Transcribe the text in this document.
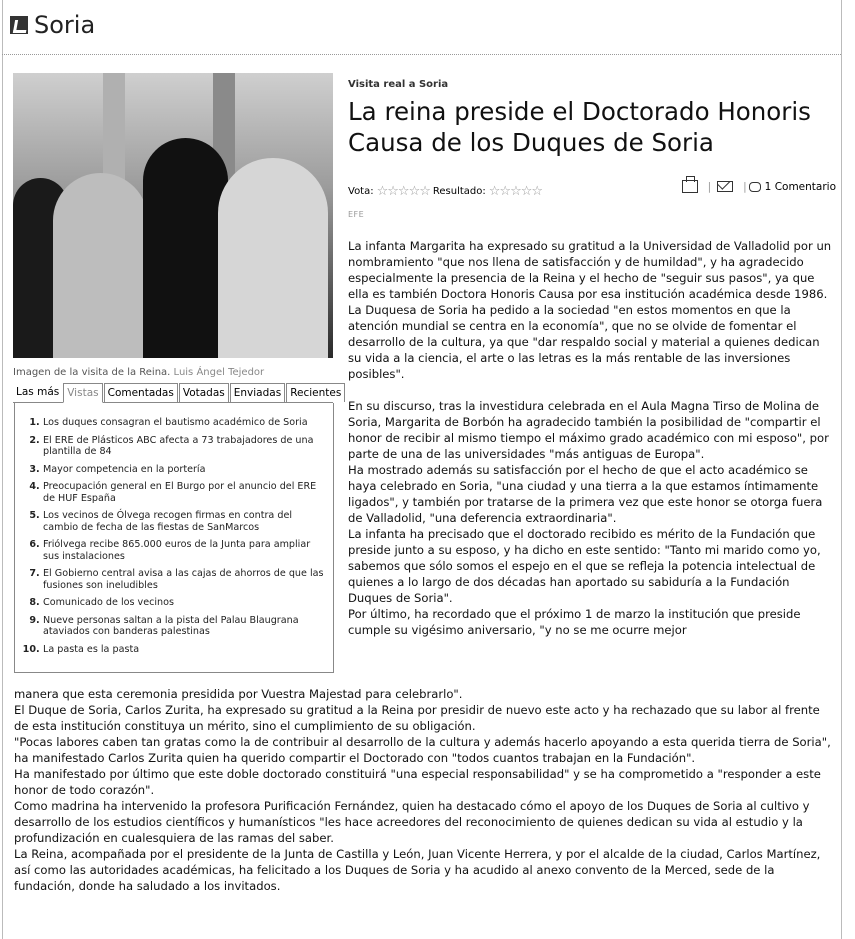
Soria
Imagen de la visita de la Reina. Luis Ángel Tejedor
Las más Vistas Comentadas Votadas Enviadas Recientes
1. Los duques consagran el bautismo académico de Soria
2. El ERE de Plásticos ABC afecta a 73 trabajadores de una plantilla de 84
3. Mayor competencia en la portería
4. Preocupación general en El Burgo por el anuncio del ERE de HUF España
5. Los vecinos de Ólvega recogen firmas en contra del cambio de fecha de las fiestas de SanMarcos
6. Friólvega recibe 865.000 euros de la Junta para ampliar sus instalaciones
7. El Gobierno central avisa a las cajas de ahorros de que las fusiones son ineludibles
8. Comunicado de los vecinos
9. Nueve personas saltan a la pista del Palau Blaugrana ataviados con banderas palestinas
10. La pasta es la pasta
Visita real a Soria
La reina preside el Doctorado Honoris Causa de los Duques de Soria
Vota: ☆☆☆☆☆ Resultado: ☆☆☆☆☆	|	| 1 Comentario
EFE

La infanta Margarita ha expresado su gratitud a la Universidad de Valladolid por un nombramiento "que nos llena de satisfacción y de humildad", y ha agradecido especialmente la presencia de la Reina y el hecho de "seguir sus pasos", ya que ella es también Doctora Honoris Causa por esa institución académica desde 1986.

La Duquesa de Soria ha pedido a la sociedad "en estos momentos en que la atención mundial se centra en la economía", que no se olvide de fomentar el desarrollo de la cultura, ya que "dar respaldo social y material a quienes dedican su vida a la ciencia, el arte o las letras es la más rentable de las inversiones posibles".

En su discurso, tras la investidura celebrada en el Aula Magna Tirso de Molina de Soria, Margarita de Borbón ha agradecido también la posibilidad de "compartir el honor de recibir al mismo tiempo el máximo grado académico con mi esposo", por parte de una de las universidades "más antiguas de Europa".

Ha mostrado además su satisfacción por el hecho de que el acto académico se haya celebrado en Soria, "una ciudad y una tierra a la que estamos íntimamente ligados", y también por tratarse de la primera vez que este honor se otorga fuera de Valladolid, "una deferencia extraordinaria".

La infanta ha precisado que el doctorado recibido es mérito de la Fundación que preside junto a su esposo, y ha dicho en este sentido: "Tanto mi marido como yo, sabemos que sólo somos el espejo en el que se refleja la potencia intelectual de quienes a lo largo de dos décadas han aportado su sabiduría a la Fundación Duques de Soria".

Por último, ha recordado que el próximo 1 de marzo la institución que preside cumple su vigésimo aniversario, "y no se me ocurre mejor

manera que esta ceremonia presidida por Vuestra Majestad para celebrarlo".

El Duque de Soria, Carlos Zurita, ha expresado su gratitud a la Reina por presidir de nuevo este acto y ha rechazado que su labor al frente de esta institución constituya un mérito, sino el cumplimiento de su obligación.

"Pocas labores caben tan gratas como la de contribuir al desarrollo de la cultura y además hacerlo apoyando a esta querida tierra de Soria", ha manifestado Carlos Zurita quien ha querido compartir el Doctorado con "todos cuantos trabajan en la Fundación".

Ha manifestado por último que este doble doctorado constituirá "una especial responsabilidad" y se ha comprometido a "responder a este honor de todo corazón".

Como madrina ha intervenido la profesora Purificación Fernández, quien ha destacado cómo el apoyo de los Duques de Soria al cultivo y desarrollo de los estudios científicos y humanísticos "les hace acreedores del reconocimiento de quienes dedican su vida al estudio y la profundización en cualesquiera de las ramas del saber.

La Reina, acompañada por el presidente de la Junta de Castilla y León, Juan Vicente Herrera, y por el alcalde de la ciudad, Carlos Martínez, así como las autoridades académicas, ha felicitado a los Duques de Soria y ha acudido al anexo convento de la Merced, sede de la fundación, donde ha saludado a los invitados.
